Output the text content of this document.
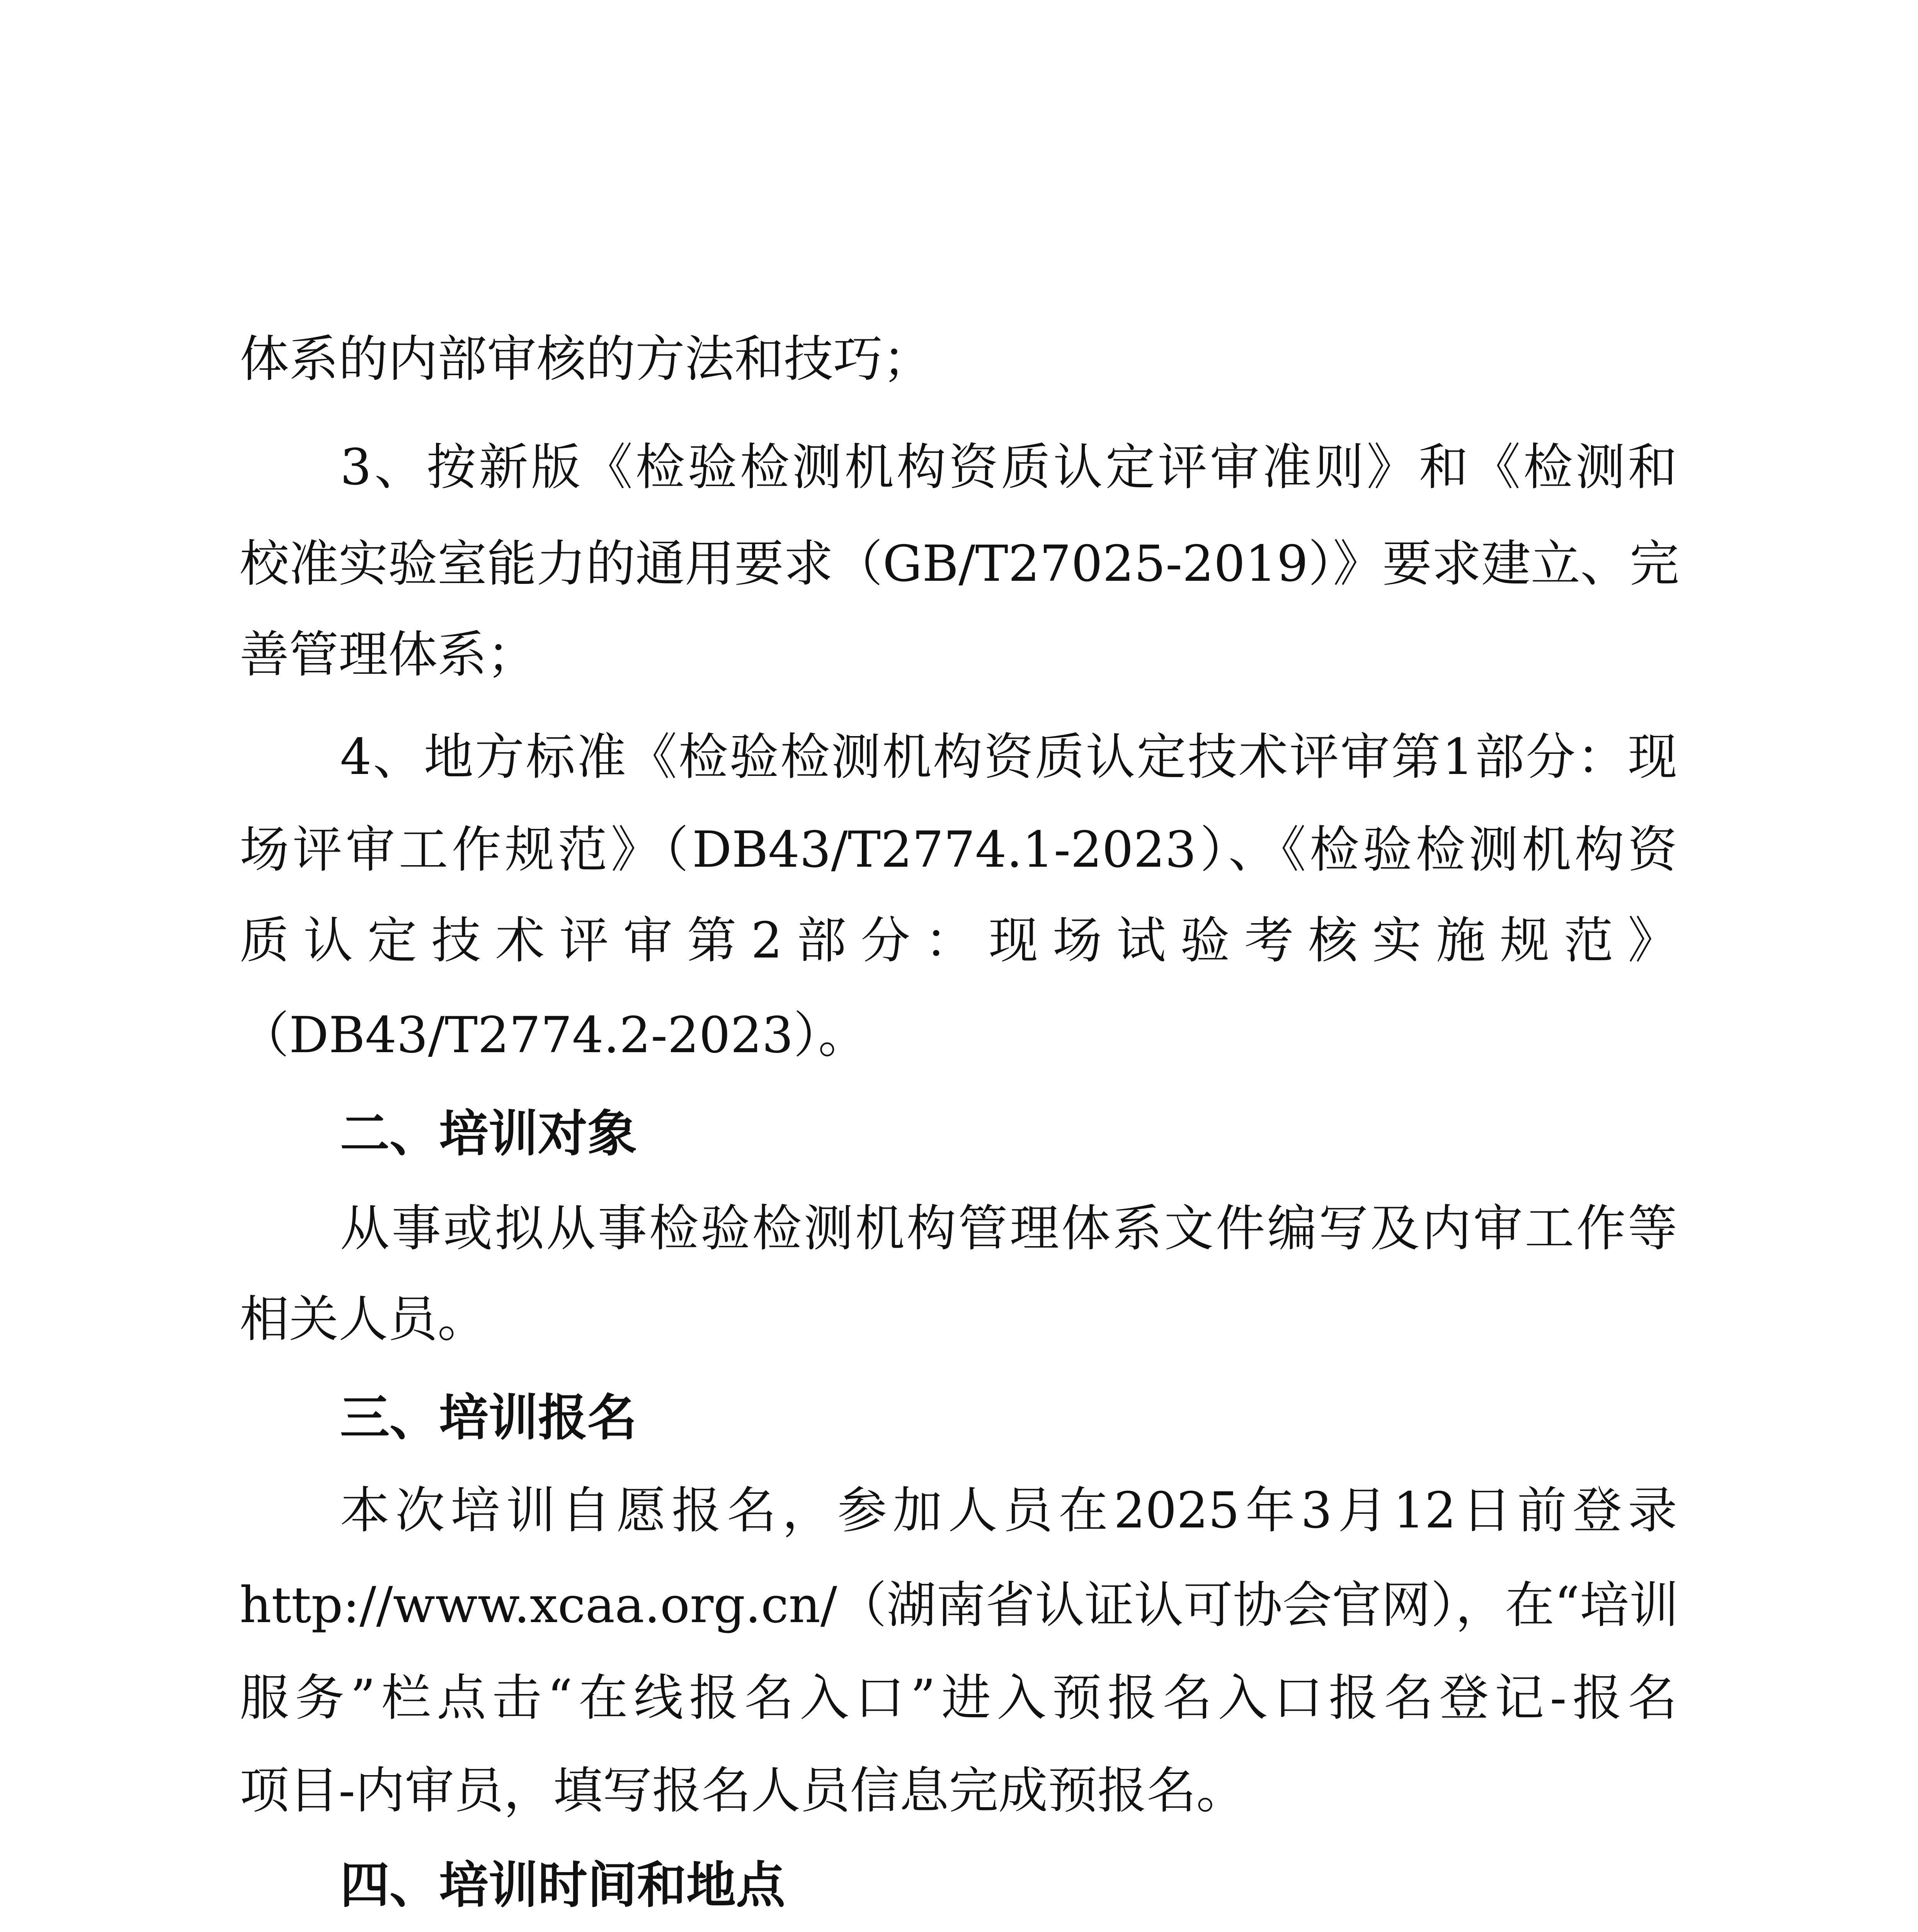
体系的内部审核的方法和技巧；
3、按新版《检验检测机构资质认定评审准则》和《检测和
校准实验室能力的通用要求（GB/T27025-2019）》要求建立、完
善管理体系；
4、地方标准《检验检测机构资质认定技术评审第1部分：现
场评审工作规范》（DB43/T2774.1-2023）、《检验检测机构资
质认定技术评审第2部分：现场试验考核实施规范》
（DB43/T2774.2-2023）。
二、培训对象
从事或拟从事检验检测机构管理体系文件编写及内审工作等
相关人员。
三、培训报名
本次培训自愿报名，参加人员在2025年3月12日前登录
http://www.xcaa.org.cn/（湖南省认证认可协会官网），在“培训
服务”栏点击“在线报名入口”进入预报名入口报名登记-报名
项目-内审员，填写报名人员信息完成预报名。
四、培训时间和地点
